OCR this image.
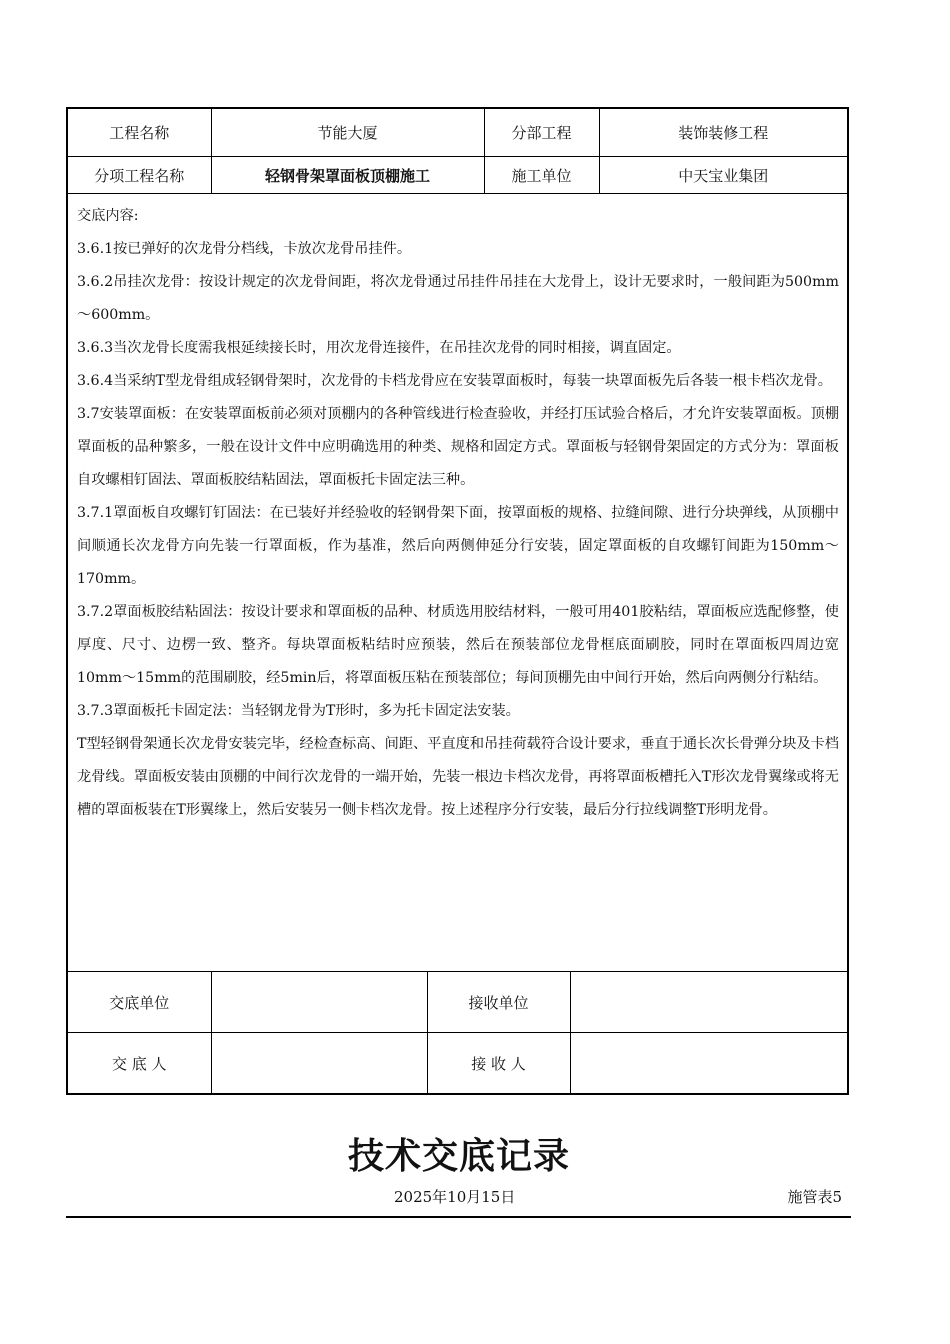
工程名称	节能大厦	分部工程	装饰装修工程
分项工程名称	轻钢骨架罩面板顶棚施工	施工单位	中天宝业集团

交底内容:

3.6.1按已弹好的次龙骨分档线，卡放次龙骨吊挂件。

3.6.2吊挂次龙骨：按设计规定的次龙骨间距，将次龙骨通过吊挂件吊挂在大龙骨上，设计无要求时，一般间距为500mm～600mm。

3.6.3当次龙骨长度需我根延续接长时，用次龙骨连接件，在吊挂次龙骨的同时相接，调直固定。

3.6.4当采纳T型龙骨组成轻钢骨架时，次龙骨的卡档龙骨应在安装罩面板时，每装一块罩面板先后各装一根卡档次龙骨。

3.7安装罩面板：在安装罩面板前必须对顶棚内的各种管线进行检查验收，并经打压试验合格后，才允许安装罩面板。顶棚罩面板的品种繁多，一般在设计文件中应明确选用的种类、规格和固定方式。罩面板与轻钢骨架固定的方式分为：罩面板自攻螺相钉固法、罩面板胶结粘固法，罩面板托卡固定法三种。

3.7.1罩面板自攻螺钉钉固法：在已装好并经验收的轻钢骨架下面，按罩面板的规格、拉缝间隙、进行分块弹线，从顶棚中间顺通长次龙骨方向先装一行罩面板，作为基准，然后向两侧伸延分行安装，固定罩面板的自攻螺钉间距为150mm～170mm。

3.7.2罩面板胶结粘固法：按设计要求和罩面板的品种、材质选用胶结材料，一般可用401胶粘结，罩面板应选配修整，使厚度、尺寸、边楞一致、整齐。每块罩面板粘结时应预装，然后在预装部位龙骨框底面刷胶，同时在罩面板四周边宽10mm～15mm的范围刷胶，经5min后，将罩面板压粘在预装部位；每间顶棚先由中间行开始，然后向两侧分行粘结。

3.7.3罩面板托卡固定法：当轻钢龙骨为T形时，多为托卡固定法安装。

T型轻钢骨架通长次龙骨安装完毕，经检查标高、间距、平直度和吊挂荷载符合设计要求，垂直于通长次长骨弹分块及卡档龙骨线。罩面板安装由顶棚的中间行次龙骨的一端开始，先装一根边卡档次龙骨，再将罩面板槽托入T形次龙骨翼缘或将无槽的罩面板装在T形翼缘上，然后安装另一侧卡档次龙骨。按上述程序分行安装，最后分行拉线调整T形明龙骨。

交底单位		接收单位	
交 底 人		接 收 人	
技术交底记录
2025年10月15日	施管表5
